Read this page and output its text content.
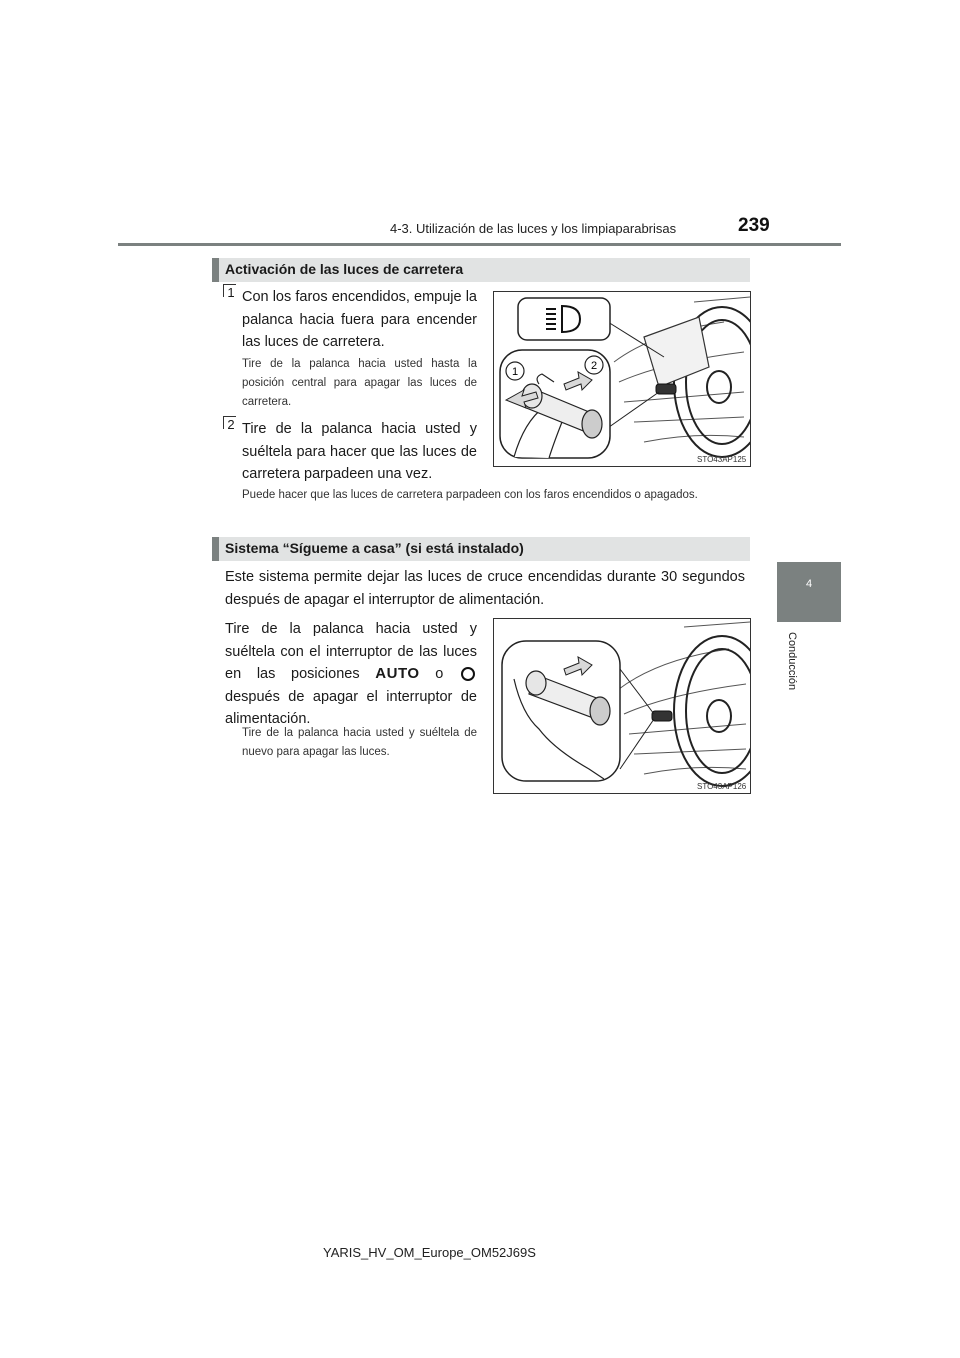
4-3. Utilización de las luces y los limpiaparabrisas	239
4
Conducción
Activación de las luces de carretera
1 Con los faros encendidos, empuje la palanca hacia fuera para encender las luces de carretera.
Tire de la palanca hacia usted hasta la posición central para apagar las luces de carretera.
2 Tire de la palanca hacia usted y suéltela para hacer que las luces de carretera parpadeen una vez.
Puede hacer que las luces de carretera parpadeen con los faros encendidos o apagados.
1	2
STO43AP125
Sistema “Sígueme a casa” (si está instalado)
Este sistema permite dejar las luces de cruce encendidas durante 30 segundos después de apagar el interruptor de alimentación.
Tire de la palanca hacia usted y suéltela con el interruptor de las luces en las posiciones AUTO o  después de apagar el interruptor de alimentación.
Tire de la palanca hacia usted y suéltela de nuevo para apagar las luces.
STO43AP126
YARIS_HV_OM_Europe_OM52J69S
